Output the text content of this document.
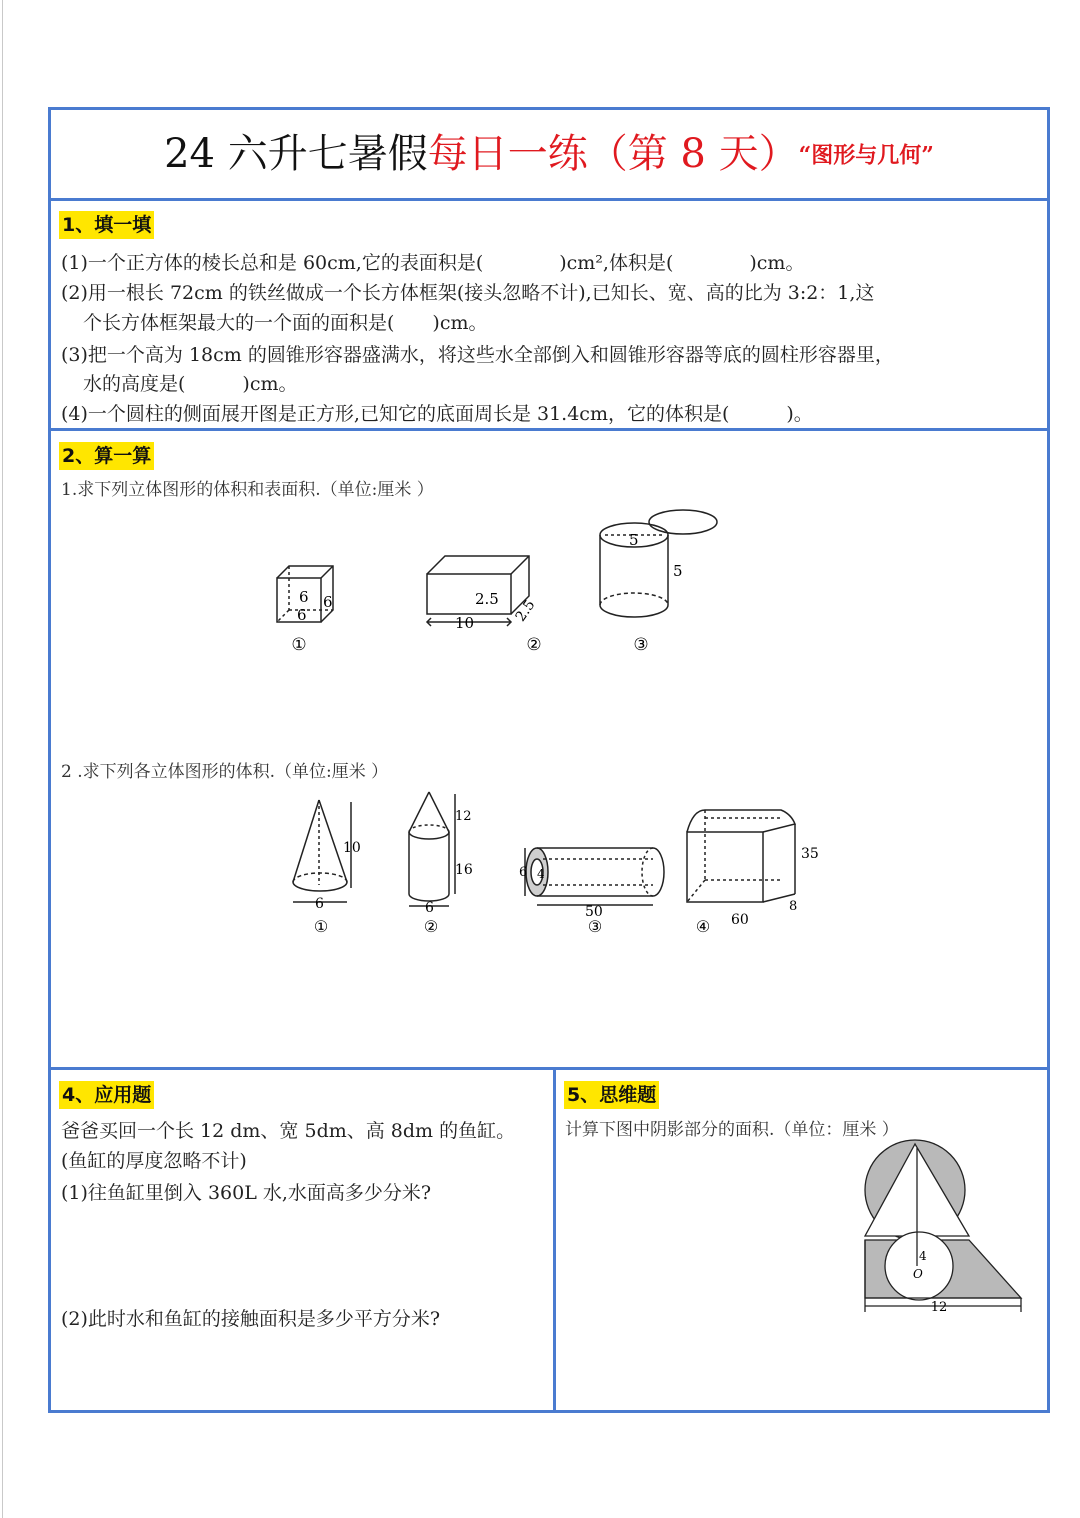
24 六升七暑假每日一练（第 8 天）“图形与几何”
1、填一填
(1)一个正方体的棱长总和是 60cm,它的表面积是(　　　　)cm²,体积是(　　　　)cm。
(2)用一根长 72cm 的铁丝做成一个长方体框架(接头忽略不计),已知长、宽、高的比为 3:2：1,这
个长方体框架最大的一个面的面积是(　　)cm。
(3)把一个高为 18cm 的圆锥形容器盛满水，将这些水全部倒入和圆锥形容器等底的圆柱形容器里，
水的高度是(　　　)cm。
(4)一个圆柱的侧面展开图是正方形,已知它的底面周长是 31.4cm，它的体积是(　　　)。
2、算一算
1.求下列立体图形的体积和表面积.（单位:厘米 ）
6 6
6
①
2.5
10	2.5
②
5
5
③
2 .求下列各立体图形的体积.（单位:厘米 ）
10
6
①
12
16
6
②
6 4
50
③
35
8
60
④
4、应用题
爸爸买回一个长 12 dm、宽 5dm、高 8dm 的鱼缸。
(鱼缸的厚度忽略不计)
(1)往鱼缸里倒入 360L 水,水面高多少分米?
(2)此时水和鱼缸的接触面积是多少平方分米?
5、思维题
计算下图中阴影部分的面积.（单位：厘米 ）
4
O
12
